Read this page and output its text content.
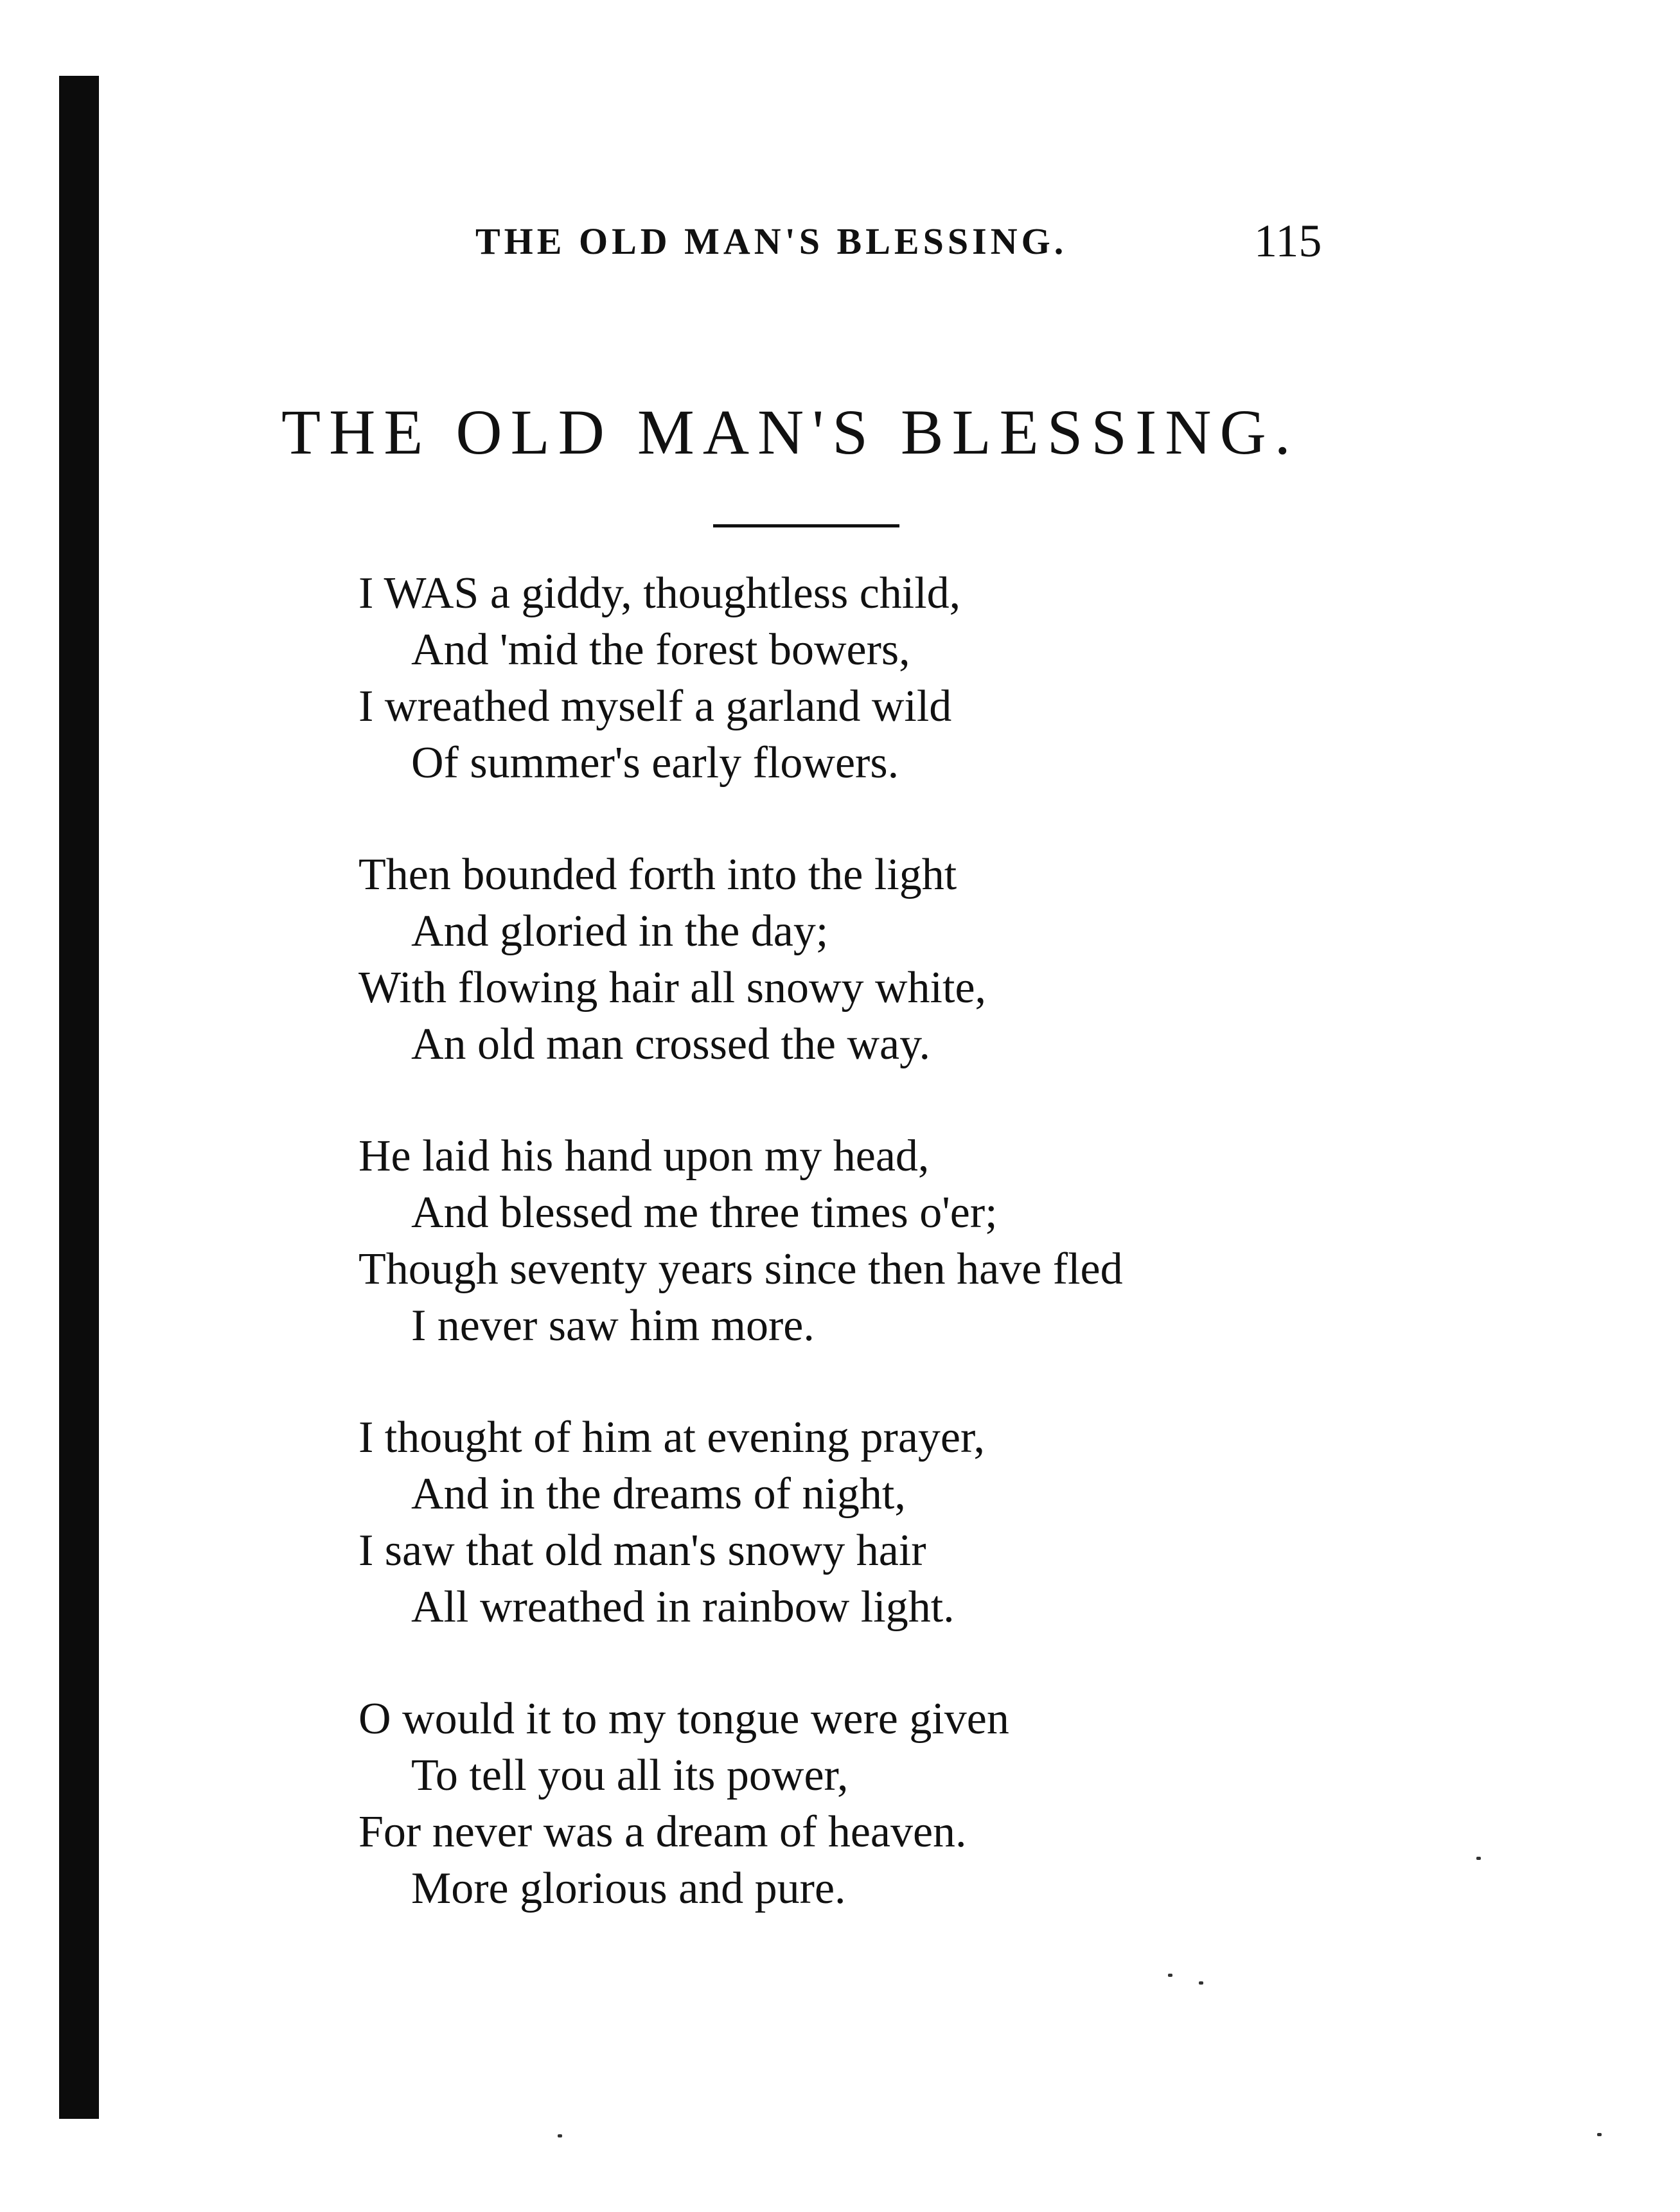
THE OLD MAN'S BLESSING.	115
THE OLD MAN'S BLESSING.
I WAS a giddy, thoughtless child,
And 'mid the forest bowers,
I wreathed myself a garland wild
Of summer's early flowers.
Then bounded forth into the light
And gloried in the day;
With flowing hair all snowy white,
An old man crossed the way.
He laid his hand upon my head,
And blessed me three times o'er;
Though seventy years since then have fled
I never saw him more.
I thought of him at evening prayer,
And in the dreams of night,
I saw that old man's snowy hair
All wreathed in rainbow light.
O would it to my tongue were given
To tell you all its power,
For never was a dream of heaven.
More glorious and pure.
